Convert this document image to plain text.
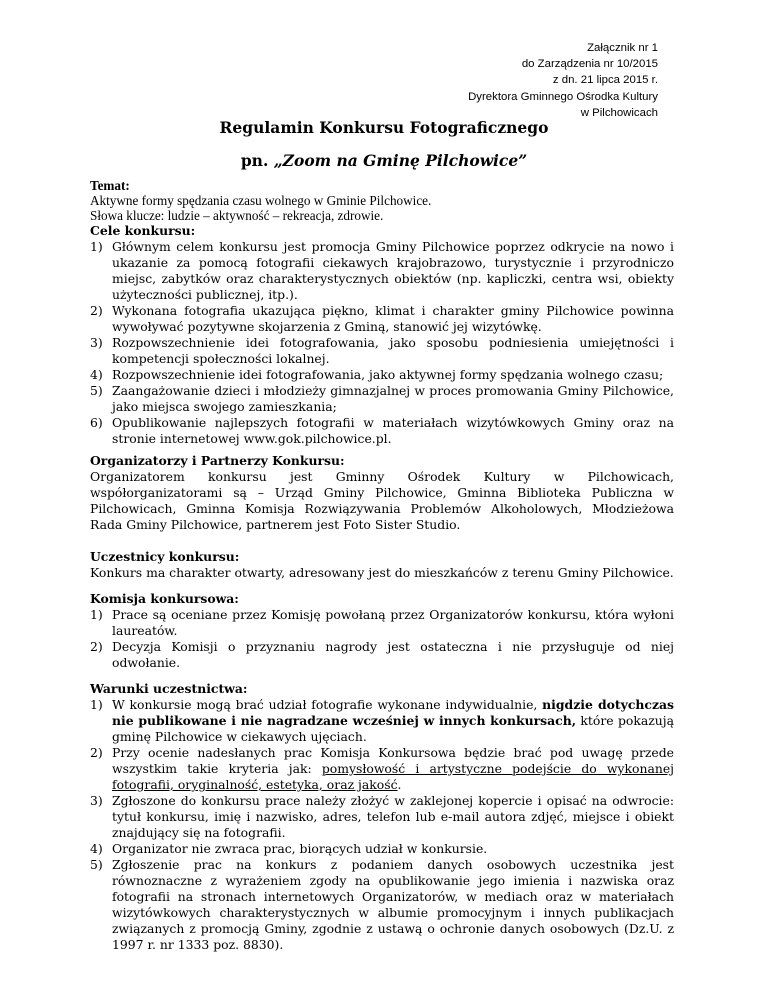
Załącznik nr 1
do Zarządzenia nr 10/2015
z dn. 21 lipca 2015 r.
Dyrektora Gminnego Ośrodka Kultury
w Pilchowicach
Regulamin Konkursu Fotograficznego
pn. „Zoom na Gminę Pilchowice”
Temat:
Aktywne formy spędzania czasu wolnego w Gminie Pilchowice.
Słowa klucze: ludzie – aktywność – rekreacja, zdrowie.
Cele konkursu:
1) Głównym celem konkursu jest promocja Gminy Pilchowice poprzez odkrycie na nowo i ukazanie za pomocą fotografii ciekawych krajobrazowo, turystycznie i przyrodniczo miejsc, zabytków oraz charakterystycznych obiektów (np. kapliczki, centra wsi, obiekty użyteczności publicznej, itp.).
2) Wykonana fotografia ukazująca piękno, klimat i charakter gminy Pilchowice powinna wywoływać pozytywne skojarzenia z Gminą, stanowić jej wizytówkę.
3) Rozpowszechnienie idei fotografowania, jako sposobu podniesienia umiejętności i kompetencji społeczności lokalnej.
4) Rozpowszechnienie idei fotografowania, jako aktywnej formy spędzania wolnego czasu;
5) Zaangażowanie dzieci i młodzieży gimnazjalnej w proces promowania Gminy Pilchowice, jako miejsca swojego zamieszkania;
6) Opublikowanie najlepszych fotografii w materiałach wizytówkowych Gminy oraz na stronie internetowej www.gok.pilchowice.pl.
Organizatorzy i Partnerzy Konkursu:
Organizatorem konkursu jest Gminny Ośrodek Kultury w Pilchowicach, współorganizatorami są – Urząd Gminy Pilchowice, Gminna Biblioteka Publiczna w Pilchowicach, Gminna Komisja Rozwiązywania Problemów Alkoholowych, Młodzieżowa Rada Gminy Pilchowice, partnerem jest Foto Sister Studio.
Uczestnicy konkursu:
Konkurs ma charakter otwarty, adresowany jest do mieszkańców z terenu Gminy Pilchowice.
Komisja konkursowa:
1) Prace są oceniane przez Komisję powołaną przez Organizatorów konkursu, która wyłoni laureatów.
2) Decyzja Komisji o przyznaniu nagrody jest ostateczna i nie przysługuje od niej odwołanie.
Warunki uczestnictwa:
1) W konkursie mogą brać udział fotografie wykonane indywidualnie, nigdzie dotychczas nie publikowane i nie nagradzane wcześniej w innych konkursach, które pokazują gminę Pilchowice w ciekawych ujęciach.
2) Przy ocenie nadesłanych prac Komisja Konkursowa będzie brać pod uwagę przede wszystkim takie kryteria jak: pomysłowość i artystyczne podejście do wykonanej fotografii, oryginalność, estetyka, oraz jakość.
3) Zgłoszone do konkursu prace należy złożyć w zaklejonej kopercie i opisać na odwrocie: tytuł konkursu, imię i nazwisko, adres, telefon lub e-mail autora zdjęć, miejsce i obiekt znajdujący się na fotografii.
4) Organizator nie zwraca prac, biorących udział w konkursie.
5) Zgłoszenie prac na konkurs z podaniem danych osobowych uczestnika jest równoznaczne z wyrażeniem zgody na opublikowanie jego imienia i nazwiska oraz fotografii na stronach internetowych Organizatorów, w mediach oraz w materiałach wizytówkowych charakterystycznych w albumie promocyjnym i innych publikacjach związanych z promocją Gminy, zgodnie z ustawą o ochronie danych osobowych (Dz.U. z 1997 r. nr 1333 poz. 8830).
